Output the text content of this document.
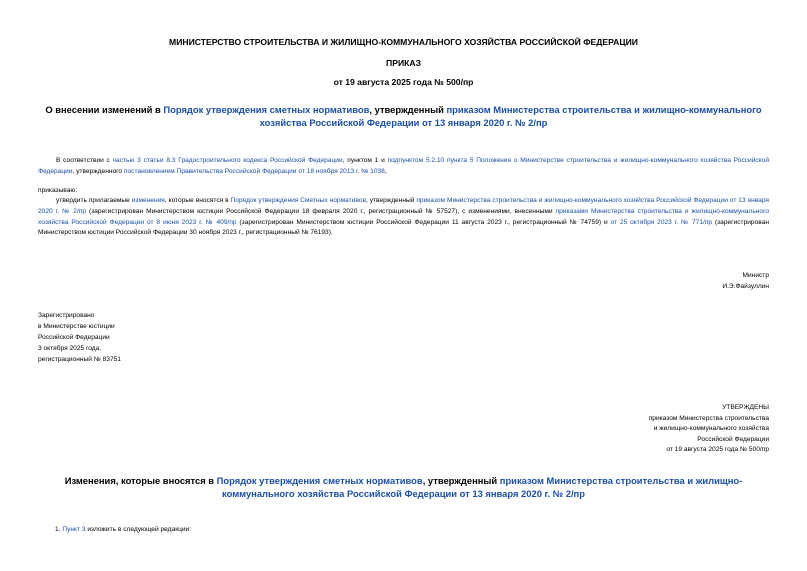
МИНИСТЕРСТВО СТРОИТЕЛЬСТВА И ЖИЛИЩНО-КОММУНАЛЬНОГО ХОЗЯЙСТВА РОССИЙСКОЙ ФЕДЕРАЦИИ
ПРИКАЗ
от 19 августа 2025 года № 500/пр
О внесении изменений в Порядок утверждения сметных нормативов, утвержденный приказом Министерства строительства и жилищно-коммунального хозяйства Российской Федерации от 13 января 2020 г. № 2/пр
В соответствии с частью 3 статьи 8.3 Градостроительного кодекса Российской Федерации, пунктом 1 и подпунктом 5.2.10 пункта 5 Положения о Министерстве строительства и жилищно-коммунального хозяйства Российской Федерации, утвержденного постановлением Правительства Российской Федерации от 18 ноября 2013 г. № 1038,
приказываю:
утвердить прилагаемые изменения, которые вносятся в Порядок утверждения Сметных нормативов, утвержденный приказом Министерства строительства и жилищно-коммунального хозяйства Российской Федерации от 13 января 2020 г. № 2/пр (зарегистрирован Министерством юстиции Российской Федерации 18 февраля 2020 г., регистрационный № 57527), с изменениями, внесенными приказами Министерства строительства и жилищно-коммунального хозяйства Российской Федерации от 8 июня 2023 г. № 409/пр (зарегистрирован Министерством юстиции Российской Федерации 11 августа 2023 г., регистрационный № 74759) и от 25 октября 2023 г. № 771/пр (зарегистрирован Министерством юстиции Российской Федерации 30 ноября 2023 г., регистрационный № 76193).
Министр
И.Э.Файзуллин
Зарегистрировано
в Министерстве юстиции
Российской Федерации
3 октября 2025 года,
регистрационный № 83751
УТВЕРЖДЕНЫ
приказом Министерства строительства
и жилищно-коммунального хозяйства
Российской Федерации
от 19 августа 2025 года № 500/пр
Изменения, которые вносятся в Порядок утверждения сметных нормативов, утвержденный приказом Министерства строительства и жилищно-коммунального хозяйства Российской Федерации от 13 января 2020 г. № 2/пр
1. Пункт 3 изложить в следующей редакции:
